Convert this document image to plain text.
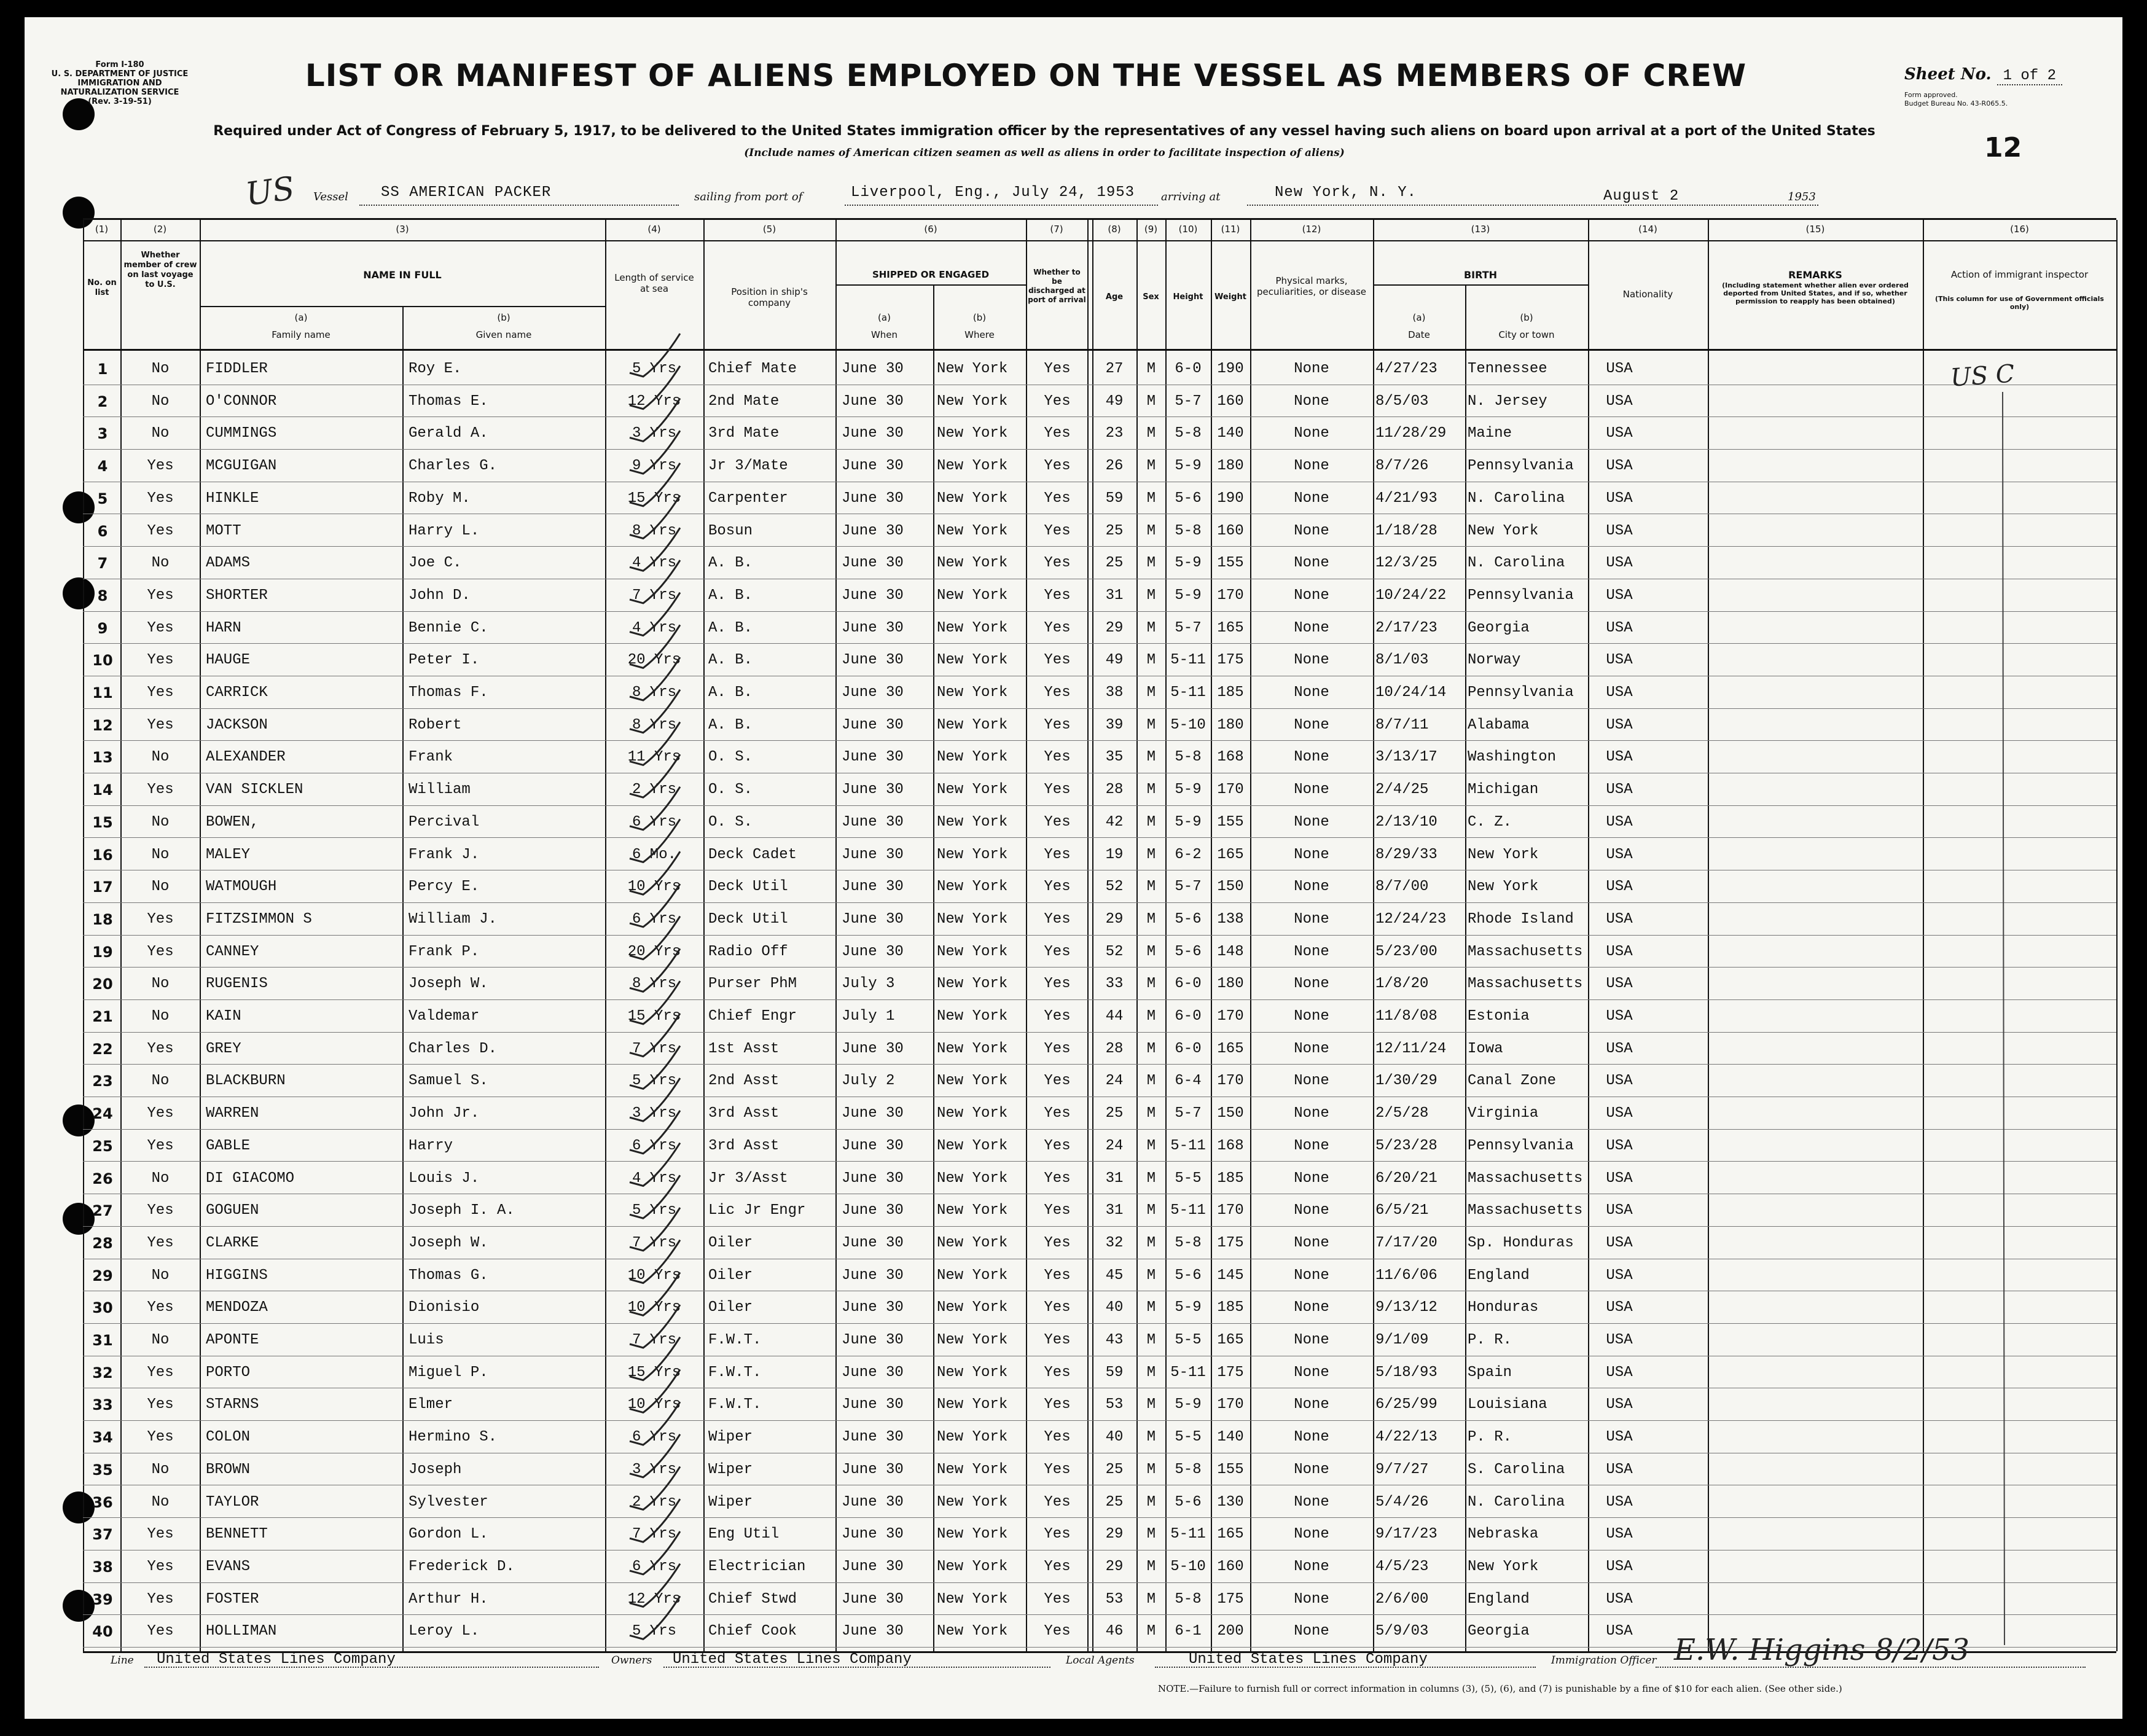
Form I-180
U. S. DEPARTMENT OF JUSTICE
IMMIGRATION AND NATURALIZATION SERVICE
(Rev. 3-19-51)
LIST OR MANIFEST OF ALIENS EMPLOYED ON THE VESSEL AS MEMBERS OF CREW	Sheet No. 1 of 2
Form approved.
Budget Bureau No. 43-R065.5.
12
Required under Act of Congress of February 5, 1917, to be delivered to the United States immigration officer by the representatives of any vessel having such aliens on board upon arrival at a port of the United States
(Include names of American citizen seamen as well as aliens in order to facilitate inspection of aliens)
US Vessel SS AMERICAN PACKER	sailing from port of	Liverpool, Eng., July 24, 1953 arriving at	New York, N. Y.	August 2	1953
(1)	(2)	(3)	(4)	(5)	(6)	(7)	(8)	(9)	(10)	(11)	(12)	(13)	(14)	(15)	(16)
No. on list
Whether member of crew on last voyage to U.S.
NAME IN FULL
(a)
Family name
(b)
Given name
Length of service at sea	Position in ship's company
SHIPPED OR ENGAGED
(a)
When
(b)
Where
Whether to be discharged at port of arrival	Age	Sex	Height	Weight
Physical marks, peculiarities, or disease
BIRTH
(a)
Date
(b)
City or town
Nationality
REMARKS
(Including statement whether alien ever ordered deported from United States, and if so, whether permission to reapply has been obtained)
Action of immigrant inspector
(This column for use of Government officials only)
1	No	FIDDLER	Roy E.	5 Yrs	Chief Mate	June 30	New York	Yes	27	M	6-0	190	None	4/27/23	Tennessee	USA
2	No	O'CONNOR	Thomas E.	12 Yrs	2nd Mate	June 30	New York	Yes	49	M	5-7	160	None	8/5/03	N. Jersey	USA
3	No	CUMMINGS	Gerald A.	3 Yrs	3rd Mate	June 30	New York	Yes	23	M	5-8	140	None	11/28/29	Maine	USA
4	Yes	MCGUIGAN	Charles G.	9 Yrs	Jr 3/Mate	June 30	New York	Yes	26	M	5-9	180	None	8/7/26	Pennsylvania	USA
5	Yes	HINKLE	Roby M.	15 Yrs	Carpenter	June 30	New York	Yes	59	M	5-6	190	None	4/21/93	N. Carolina	USA
6	Yes	MOTT	Harry L.	8 Yrs	Bosun	June 30	New York	Yes	25	M	5-8	160	None	1/18/28	New York	USA
7	No	ADAMS	Joe C.	4 Yrs	A. B.	June 30	New York	Yes	25	M	5-9	155	None	12/3/25	N. Carolina	USA
8	Yes	SHORTER	John D.	7 Yrs	A. B.	June 30	New York	Yes	31	M	5-9	170	None	10/24/22	Pennsylvania	USA
9	Yes	HARN	Bennie C.	4 Yrs	A. B.	June 30	New York	Yes	29	M	5-7	165	None	2/17/23	Georgia	USA
10	Yes	HAUGE	Peter I.	20 Yrs	A. B.	June 30	New York	Yes	49	M 5-11 175	None	8/1/03	Norway	USA
11	Yes	CARRICK	Thomas F.	8 Yrs	A. B.	June 30	New York	Yes	38	M 5-11 185	None	10/24/14	Pennsylvania	USA
12	Yes	JACKSON	Robert	8 Yrs	A. B.	June 30	New York	Yes	39	M 5-10 180	None	8/7/11	Alabama	USA
13	No	ALEXANDER	Frank	11 Yrs	O. S.	June 30	New York	Yes	35	M	5-8	168	None	3/13/17	Washington	USA
14	Yes	VAN SICKLEN	William	2 Yrs	O. S.	June 30	New York	Yes	28	M	5-9	170	None	2/4/25	Michigan	USA
15	No	BOWEN,	Percival	6 Yrs	O. S.	June 30	New York	Yes	42	M	5-9	155	None	2/13/10	C. Z.	USA
16	No	MALEY	Frank J.	6 Mo.	Deck Cadet	June 30	New York	Yes	19	M	6-2	165	None	8/29/33	New York	USA
17	No	WATMOUGH	Percy E.	10 Yrs	Deck Util	June 30	New York	Yes	52	M	5-7	150	None	8/7/00	New York	USA
18	Yes	FITZSIMMON S	William J.	6 Yrs	Deck Util	June 30	New York	Yes	29	M	5-6	138	None	12/24/23	Rhode Island	USA
19	Yes	CANNEY	Frank P.	20 Yrs	Radio Off	June 30	New York	Yes	52	M	5-6	148	None	5/23/00	Massachusetts	USA
20	No	RUGENIS	Joseph W.	8 Yrs	Purser PhM	July 3	New York	Yes	33	M	6-0	180	None	1/8/20	Massachusetts	USA
21	No	KAIN	Valdemar	15 Yrs	Chief Engr	July 1	New York	Yes	44	M	6-0	170	None	11/8/08	Estonia	USA
22	Yes	GREY	Charles D.	7 Yrs	1st Asst	June 30	New York	Yes	28	M	6-0	165	None	12/11/24	Iowa	USA
23	No	BLACKBURN	Samuel S.	5 Yrs	2nd Asst	July 2	New York	Yes	24	M	6-4	170	None	1/30/29	Canal Zone	USA
24	Yes	WARREN	John Jr.	3 Yrs	3rd Asst	June 30	New York	Yes	25	M	5-7	150	None	2/5/28	Virginia	USA
25	Yes	GABLE	Harry	6 Yrs	3rd Asst	June 30	New York	Yes	24	M 5-11 168	None	5/23/28	Pennsylvania	USA
26	No	DI GIACOMO	Louis J.	4 Yrs	Jr 3/Asst	June 30	New York	Yes	31	M	5-5	185	None	6/20/21	Massachusetts	USA
27	Yes	GOGUEN	Joseph I. A.	5 Yrs	Lic Jr Engr	June 30	New York	Yes	31	M 5-11 170	None	6/5/21	Massachusetts	USA
28	Yes	CLARKE	Joseph W.	7 Yrs	Oiler	June 30	New York	Yes	32	M	5-8	175	None	7/17/20	Sp. Honduras	USA
29	No	HIGGINS	Thomas G.	10 Yrs	Oiler	June 30	New York	Yes	45	M	5-6	145	None	11/6/06	England	USA
30	Yes	MENDOZA	Dionisio	10 Yrs	Oiler	June 30	New York	Yes	40	M	5-9	185	None	9/13/12	Honduras	USA
31	No	APONTE	Luis	7 Yrs	F.W.T.	June 30	New York	Yes	43	M	5-5	165	None	9/1/09	P. R.	USA
32	Yes	PORTO	Miguel P.	15 Yrs	F.W.T.	June 30	New York	Yes	59	M 5-11 175	None	5/18/93	Spain	USA
33	Yes	STARNS	Elmer	10 Yrs	F.W.T.	June 30	New York	Yes	53	M	5-9	170	None	6/25/99	Louisiana	USA
34	Yes	COLON	Hermino S.	6 Yrs	Wiper	June 30	New York	Yes	40	M	5-5	140	None	4/22/13	P. R.	USA
35	No	BROWN	Joseph	3 Yrs	Wiper	June 30	New York	Yes	25	M	5-8	155	None	9/7/27	S. Carolina	USA
36	No	TAYLOR	Sylvester	2 Yrs	Wiper	June 30	New York	Yes	25	M	5-6	130	None	5/4/26	N. Carolina	USA
37	Yes	BENNETT	Gordon L.	7 Yrs	Eng Util	June 30	New York	Yes	29	M 5-11 165	None	9/17/23	Nebraska	USA
38	Yes	EVANS	Frederick D.	6 Yrs	Electrician	June 30	New York	Yes	29	M 5-10 160	None	4/5/23	New York	USA
39	Yes	FOSTER	Arthur H.	12 Yrs	Chief Stwd	June 30	New York	Yes	53	M	5-8	175	None	2/6/00	England	USA
40	Yes	HOLLIMAN	Leroy L.	5 Yrs	Chief Cook	June 30	New York	Yes	46	M	6-1	200	None	5/9/03	Georgia	USA
US C
Line United States Lines Company	Owners United States Lines Company	Local Agents	United States Lines Company	Immigration Officer E.W. Higgins 8/2/53
NOTE.—Failure to furnish full or correct information in columns (3), (5), (6), and (7) is punishable by a fine of $10 for each alien. (See other side.)
